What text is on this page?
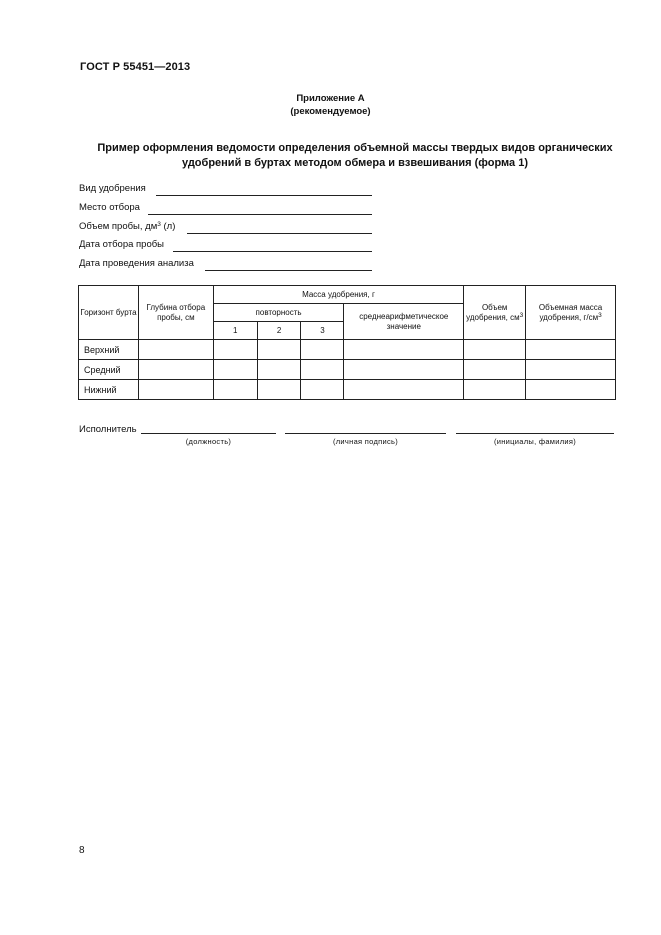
ГОСТ Р 55451—2013
Приложение А
(рекомендуемое)
Пример оформления ведомости определения объемной массы твердых видов органических
удобрений в буртах методом обмера и взвешивания (форма 1)
Вид удобрения
Место отбора
Объем пробы, $дм^3$ (л)
Дата отбора пробы
Дата проведения анализа
Горизонт бурта	Глубина отбора пробы, см	Масса удобрения, г				Объем удобрения, $см^3$	Объемная масса удобрения, $г/см^3$
		повторность			среднеарифметическое значение		
		1	2	3			
Верхний							
Средний							
Нижний							
Исполнитель
(должность)	(личная подпись)	(инициалы, фамилия)
8
